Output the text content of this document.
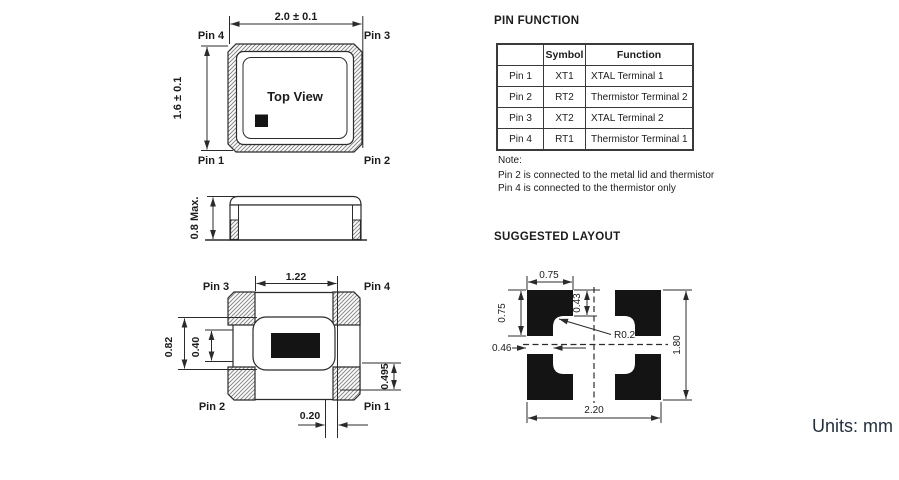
Top View
2.0 ± 0.1
1.6 ± 0.1
Pin 4	Pin 3
Pin 1	Pin 2
0.8 Max.
0.82 0.40
1.22
0.495
0.20
Pin 3	Pin 4
Pin 2	Pin 1
PIN FUNCTION
	Symbol	Function
Pin 1	XT1	XTAL Terminal 1
Pin 2	RT2	Thermistor Terminal 2
Pin 3	XT2	XTAL Terminal 2
Pin 4	RT1	Thermistor Terminal 1
Note:
Pin 2 is connected to the metal lid and thermistor
Pin 4 is connected to the thermistor only
SUGGESTED LAYOUT
0.75
0.75
0.43
R0.2
0.46	1.80
2.20
Units: mm
